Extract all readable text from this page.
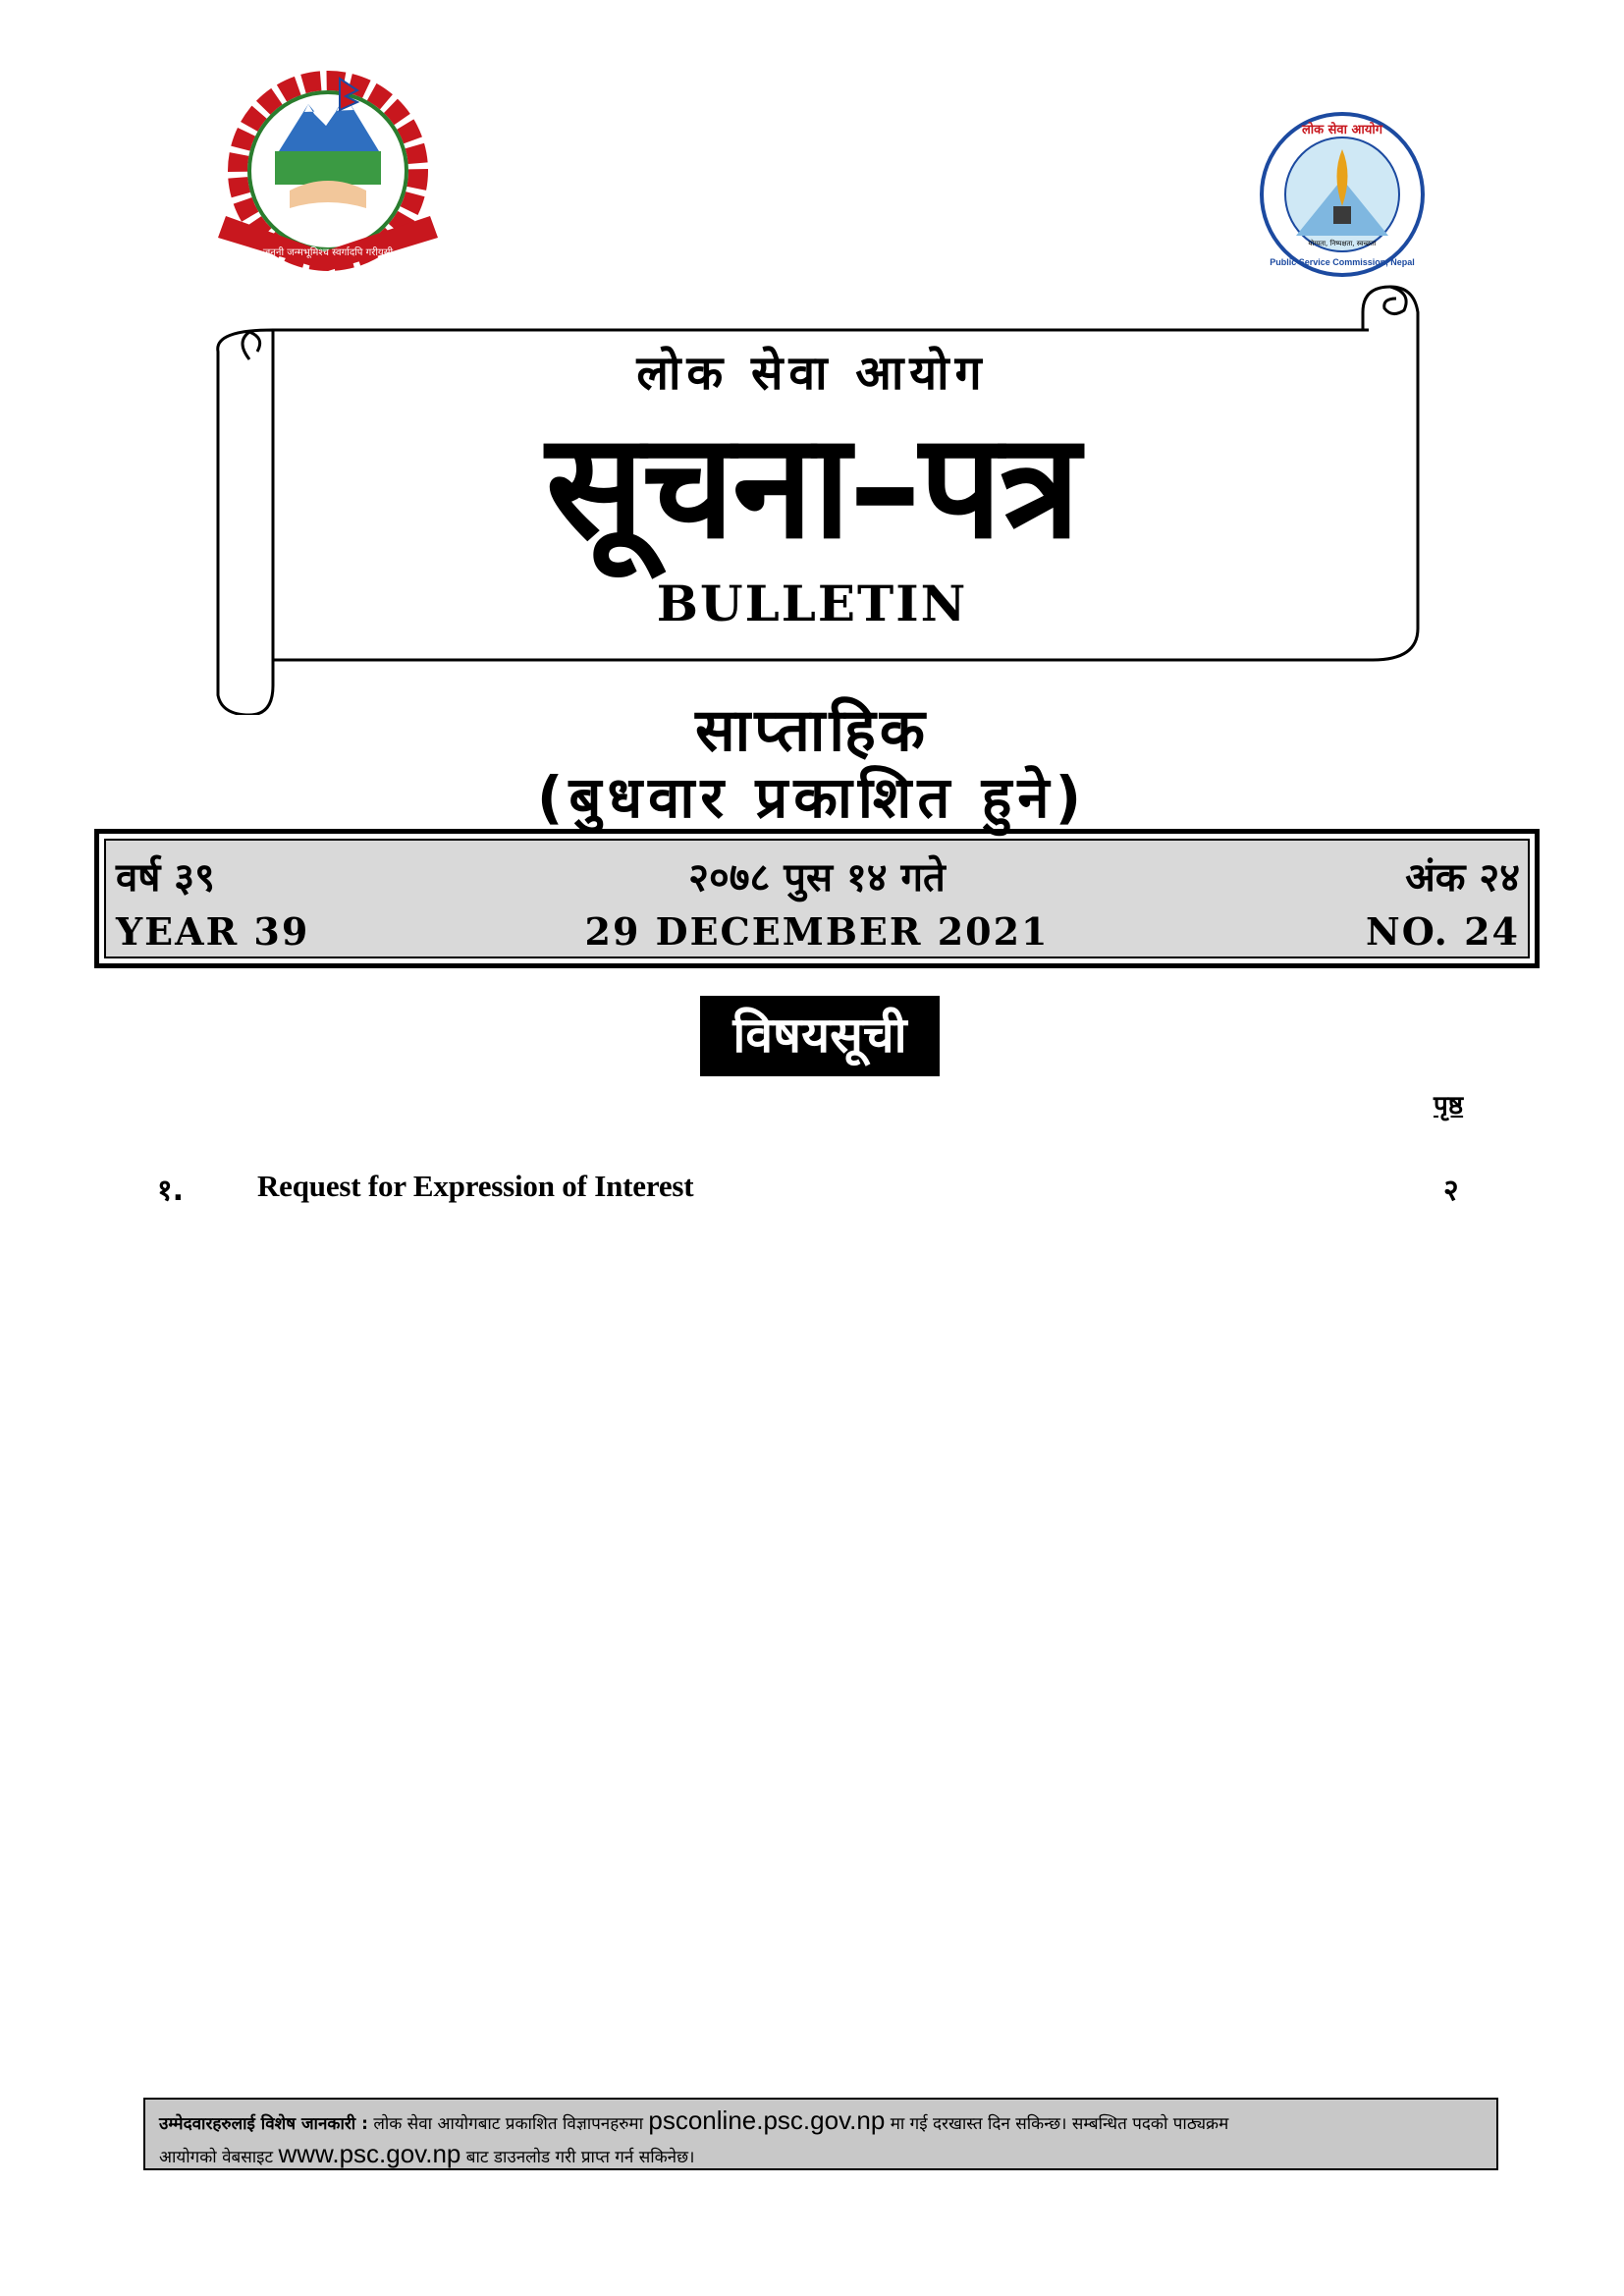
जननी जन्मभूमिश्च स्वर्गादपि गरीयसी
लोक सेवा आयोग
योग्यता, निष्पक्षता, स्वच्छता
Public Service Commission, Nepal
लोक सेवा आयोग
सूचना–पत्र
BULLETIN
साप्ताहिक
(बुधवार प्रकाशित हुने)
वर्ष ३९	२०७८ पुस १४ गते	अंक २४
YEAR 39	29 DECEMBER 2021	NO. 24
विषयसूची
पृष्ठ
१. Request for Expression of Interest	२
उम्मेदवारहरुलाई विशेष जानकारी : लोक सेवा आयोगबाट प्रकाशित विज्ञापनहरुमा psconline.psc.gov.np मा गई दरखास्त दिन सकिन्छ। सम्बन्धित पदको पाठ्यक्रम
आयोगको वेबसाइट www.psc.gov.np बाट डाउनलोड गरी प्राप्त गर्न सकिनेछ।
